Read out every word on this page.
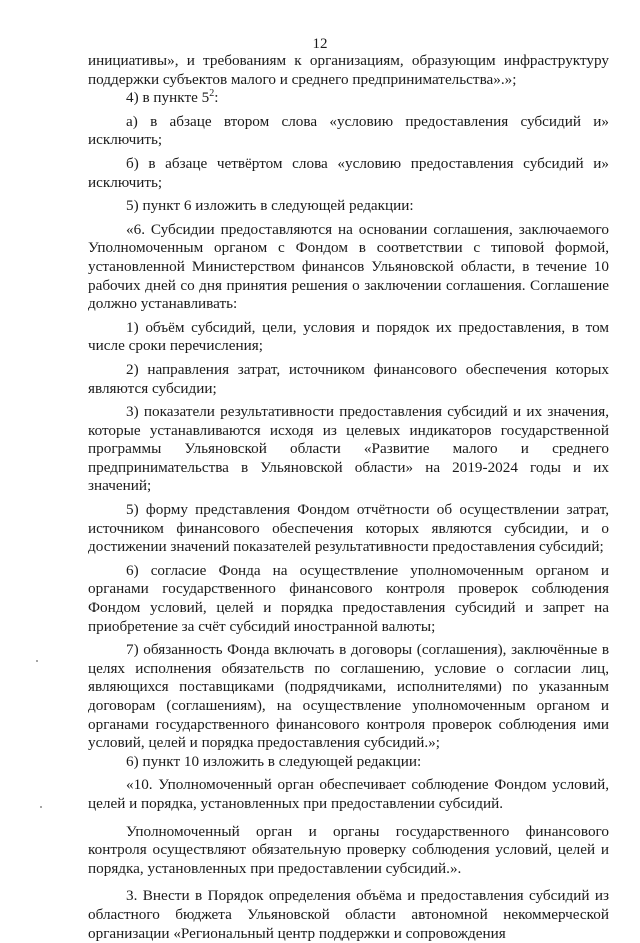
12

инициативы», и требованиям к организациям, образующим инфраструктуру поддержки субъектов малого и среднего предпринимательства».»;

4) в пункте $5^2$:

а) в абзаце втором слова «условию предоставления субсидий и» исключить;

б) в абзаце четвёртом слова «условию предоставления субсидий и» исключить;

5) пункт 6 изложить в следующей редакции:

«6. Субсидии предоставляются на основании соглашения, заключаемого Уполномоченным органом с Фондом в соответствии с типовой формой, установленной Министерством финансов Ульяновской области, в течение 10 рабочих дней со дня принятия решения о заключении соглашения. Соглашение должно устанавливать:

1) объём субсидий, цели, условия и порядок их предоставления, в том числе сроки перечисления;

2) направления затрат, источником финансового обеспечения которых являются субсидии;

3) показатели результативности предоставления субсидий и их значения, которые устанавливаются исходя из целевых индикаторов государственной программы Ульяновской области «Развитие малого и среднего предпринимательства в Ульяновской области» на 2019-2024 годы и их значений;

5) форму представления Фондом отчётности об осуществлении затрат, источником финансового обеспечения которых являются субсидии, и о достижении значений показателей результативности предоставления субсидий;

6) согласие Фонда на осуществление уполномоченным органом и органами государственного финансового контроля проверок соблюдения Фондом условий, целей и порядка предоставления субсидий и запрет на приобретение за счёт субсидий иностранной валюты;

7) обязанность Фонда включать в договоры (соглашения), заключённые в целях исполнения обязательств по соглашению, условие о согласии лиц, являющихся поставщиками (подрядчиками, исполнителями) по указанным договорам (соглашениям), на осуществление уполномоченным органом и органами государственного финансового контроля проверок соблюдения ими условий, целей и порядка предоставления субсидий.»;

6) пункт 10 изложить в следующей редакции:

«10. Уполномоченный орган обеспечивает соблюдение Фондом условий, целей и порядка, установленных при предоставлении субсидий.

Уполномоченный орган и органы государственного финансового контроля осуществляют обязательную проверку соблюдения условий, целей и порядка, установленных при предоставлении субсидий.».

3. Внести в Порядок определения объёма и предоставления субсидий из областного бюджета Ульяновской области автономной некоммерческой организации «Региональный центр поддержки и сопровождения
